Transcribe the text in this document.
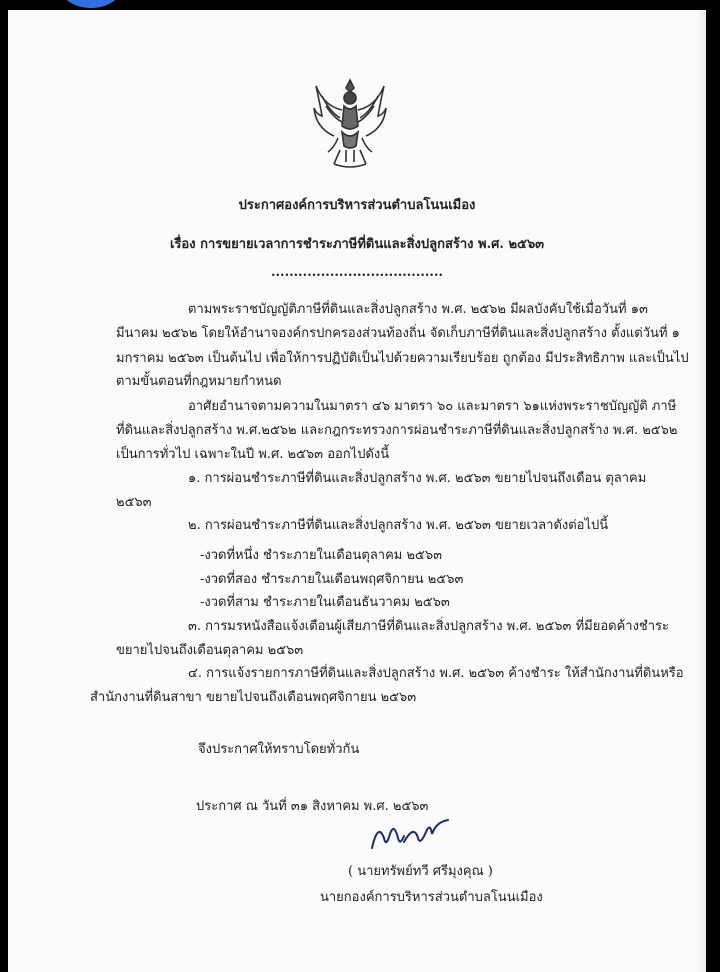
ประกาศองค์การบริหารส่วนตำบลโนนเมือง
เรื่อง การขยายเวลาการชำระภาษีที่ดินและสิ่งปลูกสร้าง พ.ศ. ๒๕๖๓
......................................
ตามพระราชบัญญัติภาษีที่ดินและสิ่งปลูกสร้าง พ.ศ. ๒๕๖๒ มีผลบังคับใช้เมื่อวันที่ ๑๓
มีนาคม ๒๕๖๒ โดยให้อำนาจองค์กรปกครองส่วนท้องถิ่น จัดเก็บภาษีที่ดินและสิ่งปลูกสร้าง ตั้งแต่วันที่ ๑
มกราคม ๒๕๖๓ เป็นต้นไป เพื่อให้การปฏิบัติเป็นไปด้วยความเรียบร้อย ถูกต้อง มีประสิทธิภาพ และเป็นไป
ตามขั้นตอนที่กฎหมายกำหนด
อาศัยอำนาจตามความในมาตรา ๔๖ มาตรา ๖๐ และมาตรา ๖๑แห่งพระราชบัญญัติ ภาษี
ที่ดินและสิ่งปลูกสร้าง พ.ศ.๒๕๖๒ และกฎกระทรวงการผ่อนชำระภาษีที่ดินและสิ่งปลูกสร้าง พ.ศ. ๒๕๖๒
เป็นการทั่วไป เฉพาะในปี พ.ศ. ๒๕๖๓ ออกไปดังนี้
๑. การผ่อนชำระภาษีที่ดินและสิ่งปลูกสร้าง พ.ศ. ๒๕๖๓ ขยายไปจนถึงเดือน ตุลาคม
๒๕๖๓
๒. การผ่อนชำระภาษีที่ดินและสิ่งปลูกสร้าง พ.ศ. ๒๕๖๓ ขยายเวลาดังต่อไปนี้
-งวดที่หนึ่ง ชำระภายในเดือนตุลาคม ๒๕๖๓
-งวดที่สอง ชำระภายในเดือนพฤศจิกายน ๒๕๖๓
-งวดที่สาม ชำระภายในเดือนธันวาคม ๒๕๖๓
๓. การมรหนังสือแจ้งเตือนผู้เสียภาษีที่ดินและสิ่งปลูกสร้าง พ.ศ. ๒๕๖๓ ที่มียอดค้างชำระ
ขยายไปจนถึงเดือนตุลาคม ๒๕๖๓
๔. การแจ้งรายการภาษีที่ดินและสิ่งปลูกสร้าง พ.ศ. ๒๕๖๓ ค้างชำระ ให้สำนักงานที่ดินหรือ
สำนักงานที่ดินสาขา ขยายไปจนถึงเดือนพฤศจิกายน ๒๕๖๓
จึงประกาศให้ทราบโดยทั่วกัน
ประกาศ ณ วันที่ ๓๑ สิงหาคม พ.ศ. ๒๕๖๓
( นายทรัพย์ทวี ศรีมุงคุณ )
นายกองค์การบริหารส่วนตำบลโนนเมือง
